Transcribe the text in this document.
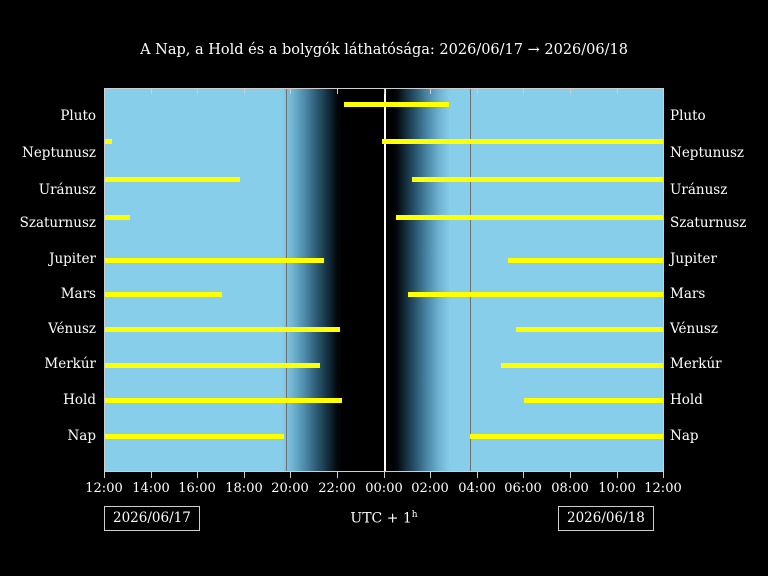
A Nap, a Hold és a bolygók láthatósága: 2026/06/17 → 2026/06/18
Pluto
Neptunusz
Uránusz
Szaturnusz
Jupiter
Mars
Vénusz
Merkúr
Hold
Nap
Pluto
Neptunusz
Uránusz
Szaturnusz
Jupiter
Mars
Vénusz
Merkúr
Hold
Nap
12:00 14:00 16:00 18:00 20:00 22:00 00:00 02:00 04:00 06:00 08:00 10:00 12:00
2026/06/17	2026/06/18
UTC + $1^h$
